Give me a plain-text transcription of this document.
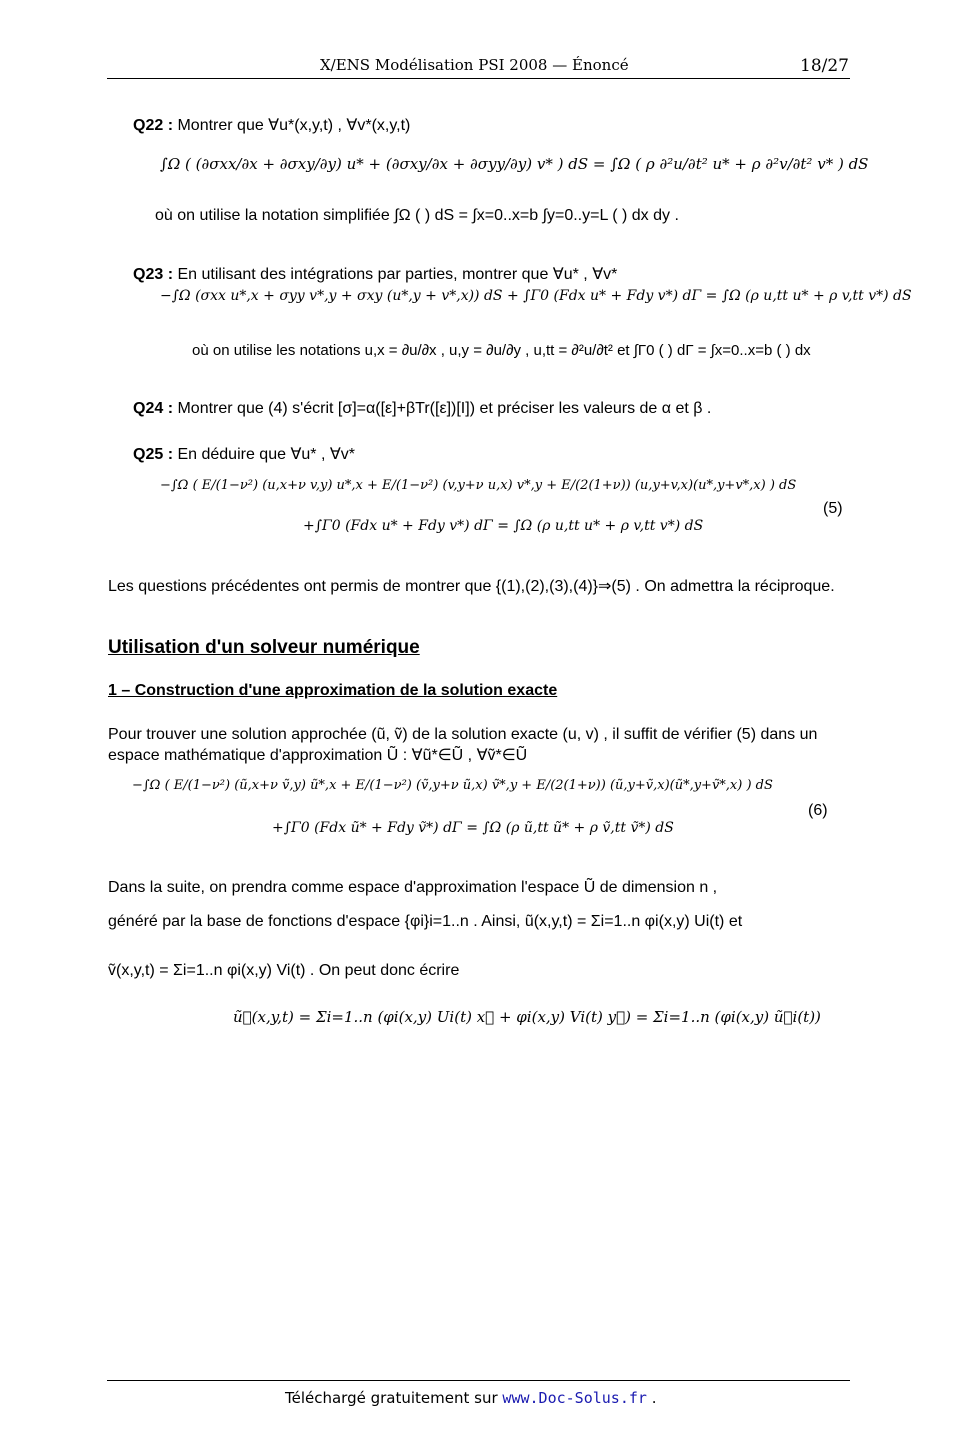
X/ENS Modélisation PSI 2008 — Énoncé	18/27
Q22 : Montrer que ∀u*(x,y,t) , ∀v*(x,y,t)
∫Ω ( (∂σxx/∂x + ∂σxy/∂y) u* + (∂σxy/∂x + ∂σyy/∂y) v* ) dS = ∫Ω ( ρ ∂²u/∂t² u* + ρ ∂²v/∂t² v* ) dS
où on utilise la notation simplifiée ∫Ω ( ) dS = ∫x=0..x=b ∫y=0..y=L ( ) dx dy .
Q23 : En utilisant des intégrations par parties, montrer que ∀u* , ∀v*
−∫Ω (σxx u*,x + σyy v*,y + σxy (u*,y + v*,x)) dS + ∫Γ0 (Fdx u* + Fdy v*) dΓ = ∫Ω (ρ u,tt u* + ρ v,tt v*) dS
où on utilise les notations u,x = ∂u/∂x , u,y = ∂u/∂y , u,tt = ∂²u/∂t² et ∫Γ0 ( ) dΓ = ∫x=0..x=b ( ) dx
Q24 : Montrer que (4) s'écrit [σ]=α([ε]+βTr([ε])[I]) et préciser les valeurs de α et β .
Q25 : En déduire que ∀u* , ∀v*
−∫Ω ( E/(1−ν²) (u,x+ν v,y) u*,x + E/(1−ν²) (v,y+ν u,x) v*,y + E/(2(1+ν)) (u,y+v,x)(u*,y+v*,x) ) dS
+∫Γ0 (Fdx u* + Fdy v*) dΓ = ∫Ω (ρ u,tt u* + ρ v,tt v*) dS
(5)
Les questions précédentes ont permis de montrer que {(1),(2),(3),(4)}⇒(5) . On admettra la réciproque.
Utilisation d'un solveur numérique
1 – Construction d'une approximation de la solution exacte
Pour trouver une solution approchée (ũ, ṽ) de la solution exacte (u, v) , il suffit de vérifier (5) dans un espace mathématique d'approximation Ũ : ∀ũ*∈Ũ , ∀ṽ*∈Ũ
−∫Ω ( E/(1−ν²) (ũ,x+ν ṽ,y) ũ*,x + E/(1−ν²) (ṽ,y+ν ũ,x) ṽ*,y + E/(2(1+ν)) (ũ,y+ṽ,x)(ũ*,y+ṽ*,x) ) dS
+∫Γ0 (Fdx ũ* + Fdy ṽ*) dΓ = ∫Ω (ρ ũ,tt ũ* + ρ ṽ,tt ṽ*) dS
(6)
Dans la suite, on prendra comme espace d'approximation l'espace Ũ de dimension n ,
généré par la base de fonctions d'espace {φi}i=1..n . Ainsi, ũ(x,y,t) = Σi=1..n φi(x,y) Ui(t) et
ṽ(x,y,t) = Σi=1..n φi(x,y) Vi(t) . On peut donc écrire
ũ⃗(x,y,t) = Σi=1..n (φi(x,y) Ui(t) x⃗ + φi(x,y) Vi(t) y⃗) = Σi=1..n (φi(x,y) ũ⃗i(t))
Téléchargé gratuitement sur www.Doc-Solus.fr .
